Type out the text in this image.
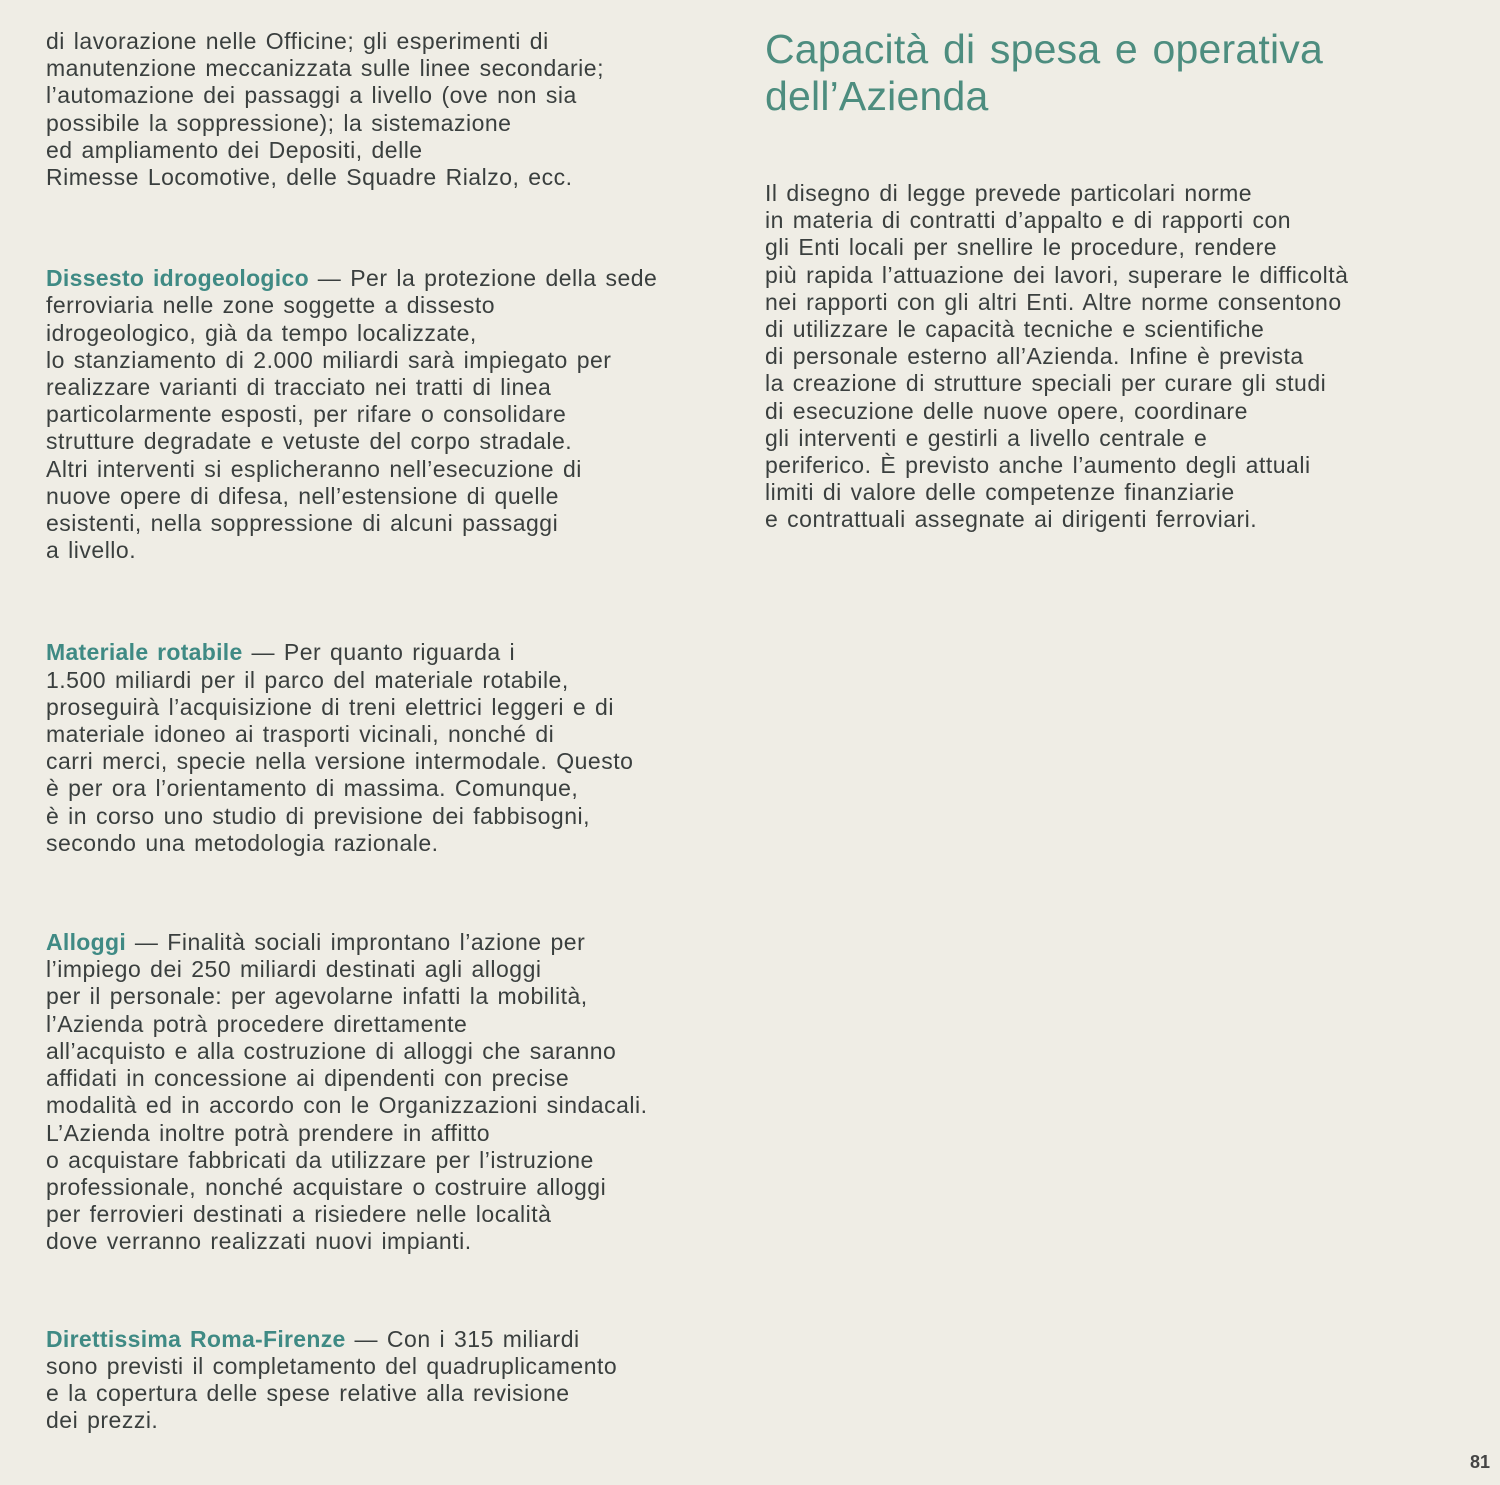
di lavorazione nelle Officine; gli esperimenti di
manutenzione meccanizzata sulle linee secondarie;
l’automazione dei passaggi a livello (ove non sia
possibile la soppressione); la sistemazione
ed ampliamento dei Depositi, delle
Rimesse Locomotive, delle Squadre Rialzo, ecc.
Dissesto idrogeologico — Per la protezione della sede
ferroviaria nelle zone soggette a dissesto
idrogeologico, già da tempo localizzate,
lo stanziamento di 2.000 miliardi sarà impiegato per
realizzare varianti di tracciato nei tratti di linea
particolarmente esposti, per rifare o consolidare
strutture degradate e vetuste del corpo stradale.
Altri interventi si esplicheranno nell’esecuzione di
nuove opere di difesa, nell’estensione di quelle
esistenti, nella soppressione di alcuni passaggi
a livello.
Materiale rotabile — Per quanto riguarda i
1.500 miliardi per il parco del materiale rotabile,
proseguirà l’acquisizione di treni elettrici leggeri e di
materiale idoneo ai trasporti vicinali, nonché di
carri merci, specie nella versione intermodale. Questo
è per ora l’orientamento di massima. Comunque,
è in corso uno studio di previsione dei fabbisogni,
secondo una metodologia razionale.
Alloggi — Finalità sociali improntano l’azione per
l’impiego dei 250 miliardi destinati agli alloggi
per il personale: per agevolarne infatti la mobilità,
l’Azienda potrà procedere direttamente
all’acquisto e alla costruzione di alloggi che saranno
affidati in concessione ai dipendenti con precise
modalità ed in accordo con le Organizzazioni sindacali.
L’Azienda inoltre potrà prendere in affitto
o acquistare fabbricati da utilizzare per l’istruzione
professionale, nonché acquistare o costruire alloggi
per ferrovieri destinati a risiedere nelle località
dove verranno realizzati nuovi impianti.
Direttissima Roma-Firenze — Con i 315 miliardi
sono previsti il completamento del quadruplicamento
e la copertura delle spese relative alla revisione
dei prezzi.
Capacità di spesa e operativa
dell’Azienda
Il disegno di legge prevede particolari norme
in materia di contratti d’appalto e di rapporti con
gli Enti locali per snellire le procedure, rendere
più rapida l’attuazione dei lavori, superare le difficoltà
nei rapporti con gli altri Enti. Altre norme consentono
di utilizzare le capacità tecniche e scientifiche
di personale esterno all’Azienda. Infine è prevista
la creazione di strutture speciali per curare gli studi
di esecuzione delle nuove opere, coordinare
gli interventi e gestirli a livello centrale e
periferico. È previsto anche l’aumento degli attuali
limiti di valore delle competenze finanziarie
e contrattuali assegnate ai dirigenti ferroviari.
81
